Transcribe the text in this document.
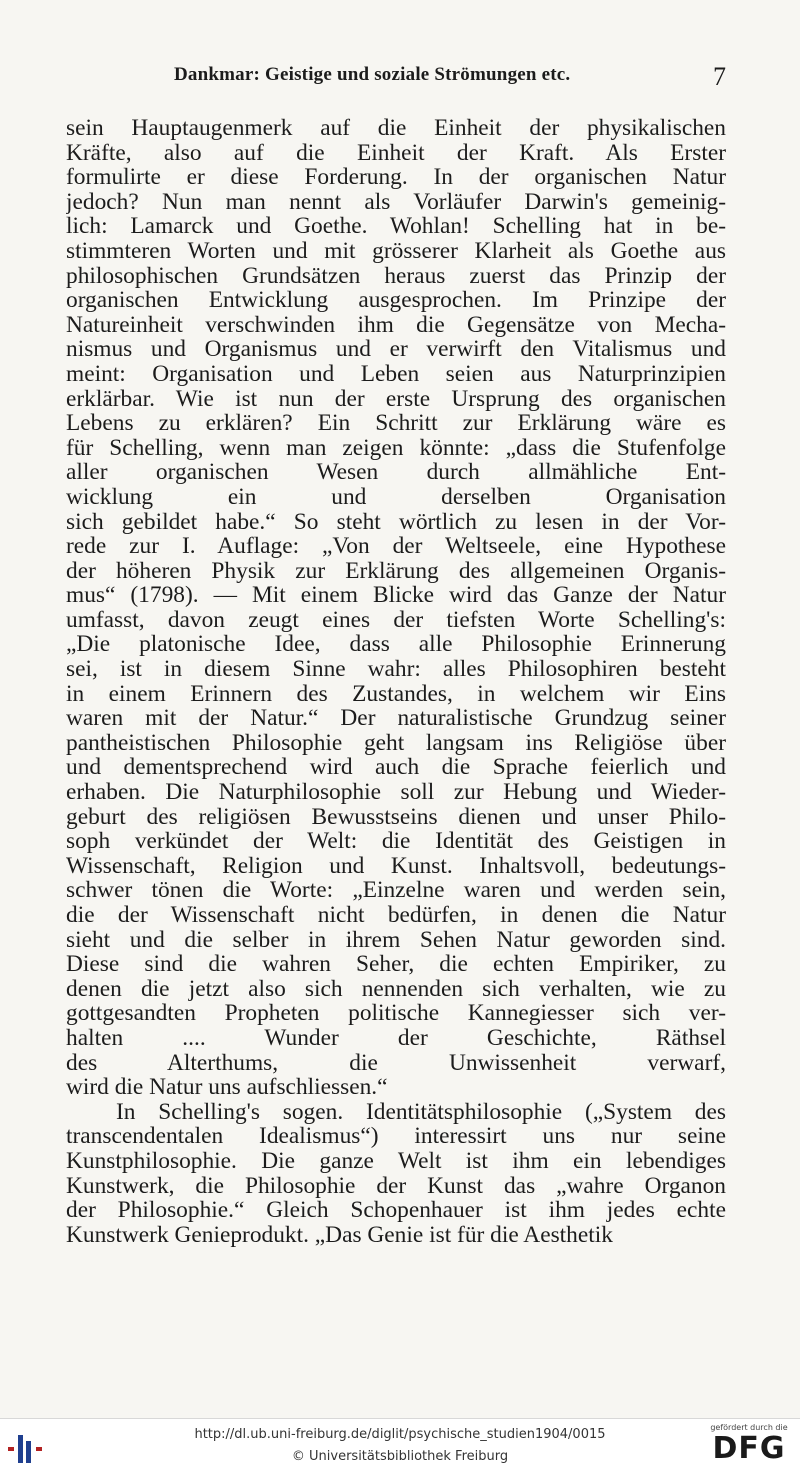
Dankmar: Geistige und soziale Strömungen etc.	7
sein Hauptaugenmerk auf die Einheit der physikalischen
Kräfte, also auf die Einheit der Kraft. Als Erster
formulirte er diese Forderung. In der organischen Natur
jedoch? Nun man nennt als Vorläufer Darwin's gemeinig-
lich: Lamarck und Goethe. Wohlan! Schelling hat in be-
stimmteren Worten und mit grösserer Klarheit als Goethe aus
philosophischen Grundsätzen heraus zuerst das Prinzip der
organischen Entwicklung ausgesprochen. Im Prinzipe der
Natureinheit verschwinden ihm die Gegensätze von Mecha-
nismus und Organismus und er verwirft den Vitalismus und
meint: Organisation und Leben seien aus Naturprinzipien
erklärbar. Wie ist nun der erste Ursprung des organischen
Lebens zu erklären? Ein Schritt zur Erklärung wäre es
für Schelling, wenn man zeigen könnte: „dass die Stufenfolge
aller organischen Wesen durch allmähliche Ent-
wicklung ein und derselben Organisation
sich gebildet habe.“ So steht wörtlich zu lesen in der Vor-
rede zur I. Auflage: „Von der Weltseele, eine Hypothese
der höheren Physik zur Erklärung des allgemeinen Organis-
mus“ (1798). — Mit einem Blicke wird das Ganze der Natur
umfasst, davon zeugt eines der tiefsten Worte Schelling's:
„Die platonische Idee, dass alle Philosophie Erinnerung
sei, ist in diesem Sinne wahr: alles Philosophiren besteht
in einem Erinnern des Zustandes, in welchem wir Eins
waren mit der Natur.“ Der naturalistische Grundzug seiner
pantheistischen Philosophie geht langsam ins Religiöse über
und dementsprechend wird auch die Sprache feierlich und
erhaben. Die Naturphilosophie soll zur Hebung und Wieder-
geburt des religiösen Bewusstseins dienen und unser Philo-
soph verkündet der Welt: die Identität des Geistigen in
Wissenschaft, Religion und Kunst. Inhaltsvoll, bedeutungs-
schwer tönen die Worte: „Einzelne waren und werden sein,
die der Wissenschaft nicht bedürfen, in denen die Natur
sieht und die selber in ihrem Sehen Natur geworden sind.
Diese sind die wahren Seher, die echten Empiriker, zu
denen die jetzt also sich nennenden sich verhalten, wie zu
gottgesandten Propheten politische Kannegiesser sich ver-
halten .... Wunder der Geschichte, Räthsel
des Alterthums, die Unwissenheit verwarf,
wird die Natur uns aufschliessen.“
In Schelling's sogen. Identitätsphilosophie („System des
transcendentalen Idealismus“) interessirt uns nur seine
Kunstphilosophie. Die ganze Welt ist ihm ein lebendiges
Kunstwerk, die Philosophie der Kunst das „wahre Organon
der Philosophie.“ Gleich Schopenhauer ist ihm jedes echte
Kunstwerk Genieprodukt. „Das Genie ist für die Aesthetik
http://dl.ub.uni-freiburg.de/diglit/psychische_studien1904/0015
© Universitätsbibliothek Freiburg
gefördert durch die
DFG
